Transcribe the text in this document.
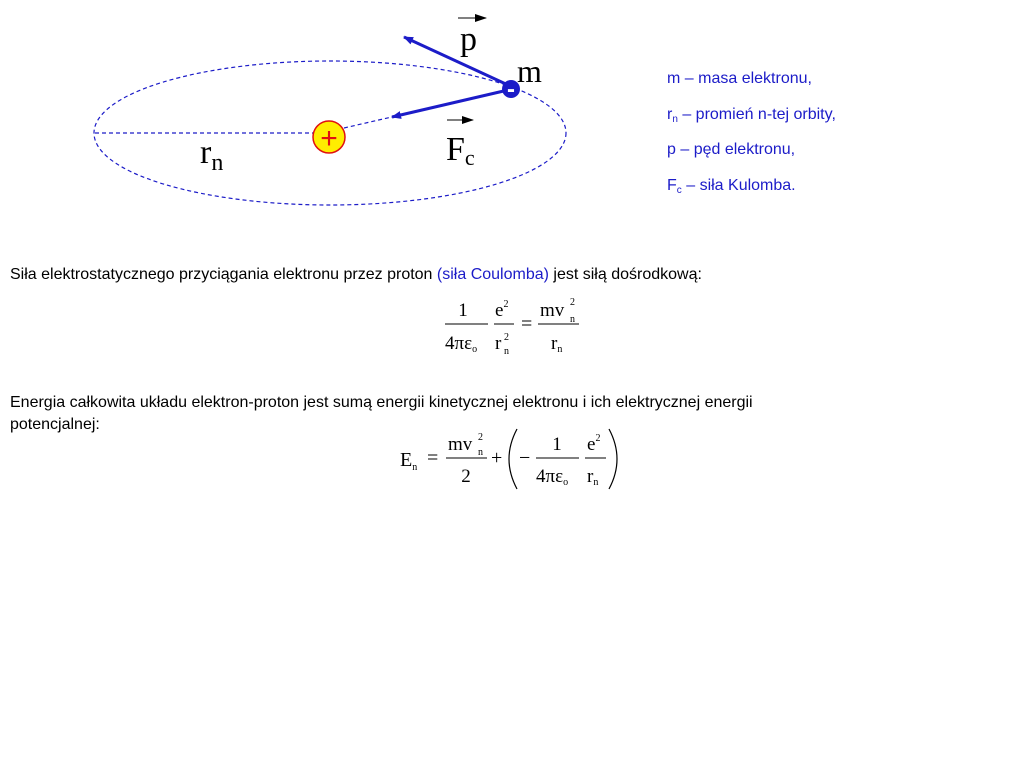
+
-
p
m
Fc
$r_n$
m – masa elektronu,
$r_n$ – promień n-tej orbity,
p – pęd elektronu,
$F_c$ – siła Kulomba.
Siła elektrostatycznego przyciągania elektronu przez proton (siła Coulomba) jest siłą dośrodkową:
1
4πεo
$e^2$
r 2
n
=
mv 2
n
rn
Energia całkowita układu elektron-proton jest sumą energii kinetycznej elektronu i ich elektrycznej energii
potencjalnej:
$E_n$ =
mv 2
n
2
+ −
1
4πεo
$e^2$
rn
